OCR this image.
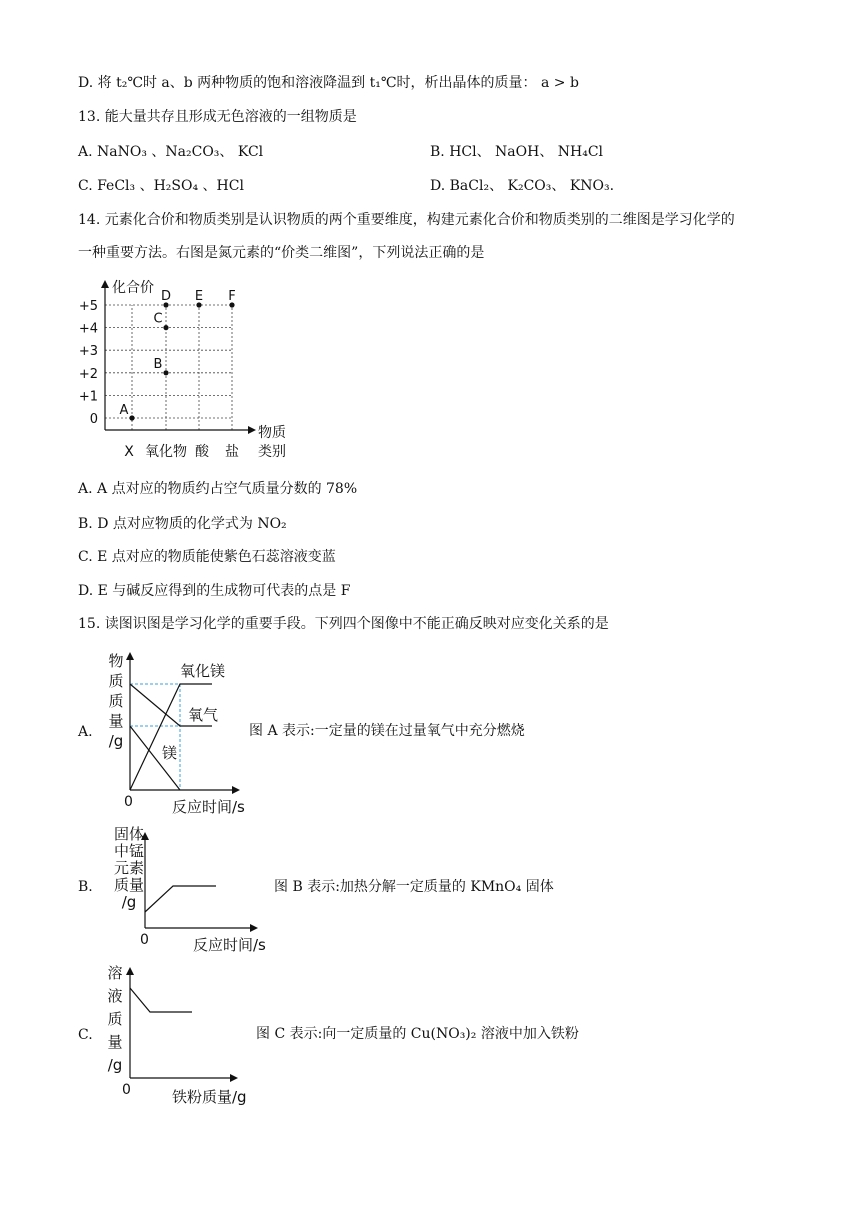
D. 将 t₂℃时 a、b 两种物质的饱和溶液降温到 t₁℃时，析出晶体的质量： a > b
13. 能大量共存且形成无色溶液的一组物质是
A. NaNO₃ 、Na₂CO₃、 KCl	B. HCl、 NaOH、 NH₄Cl
C. FeCl₃ 、H₂SO₄ 、HCl	D. BaCl₂、 K₂CO₃、 KNO₃.
14. 元素化合价和物质类别是认识物质的两个重要维度，构建元素化合价和物质类别的二维图是学习化学的
一种重要方法。右图是氮元素的“价类二维图”，下列说法正确的是
化合价
0
+1
+2
+3
+4
+5
X 氧化物 酸 盐
物质
类别
A
B
C
D E F
氧化镁
氧气
镁
0	反应时间/s
物
质
质
量
/g
0	反应时间/s
固体
中锰
元素
质量
/g
0	铁粉质量/g
溶
液
质
量
/g
A. A 点对应的物质约占空气质量分数的 78%
B. D 点对应物质的化学式为 NO₂
C. E 点对应的物质能使紫色石蕊溶液变蓝
D. E 与碱反应得到的生成物可代表的点是 F
15. 读图识图是学习化学的重要手段。下列四个图像中不能正确反映对应变化关系的是
A.	图 A 表示:一定量的镁在过量氧气中充分燃烧
B.	图 B 表示:加热分解一定质量的 KMnO₄ 固体
C.	图 C 表示:向一定质量的 Cu(NO₃)₂ 溶液中加入铁粉
